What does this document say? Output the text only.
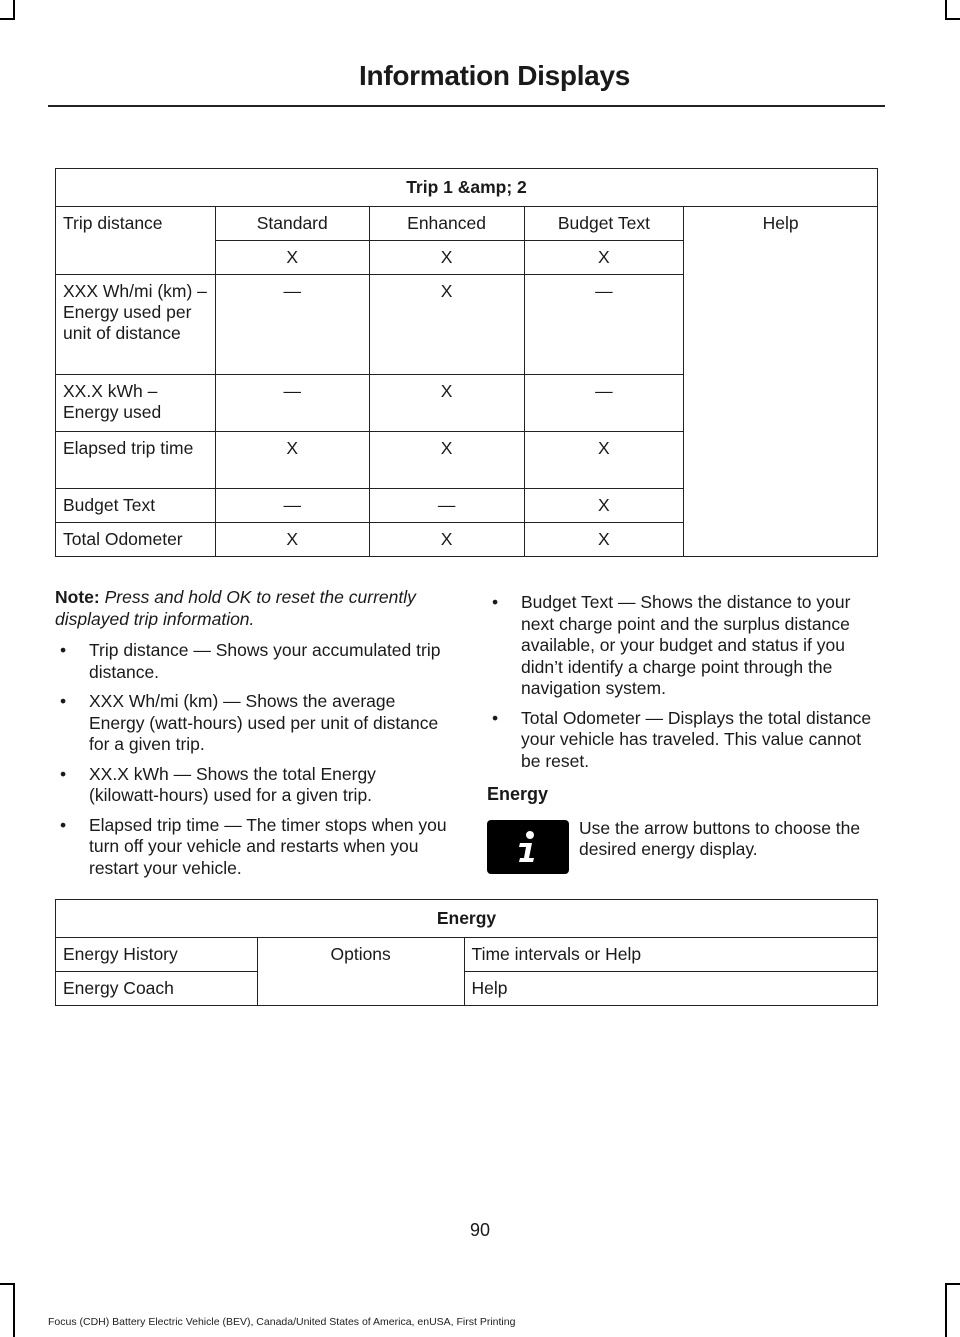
Information Displays
Trip 1 &amp; 2				
Trip distance	Standard	Enhanced	Budget Text	Help
	X	X	X	
XXX Wh/mi (km) – Energy used per unit of distance	—	X	—	
XX.X kWh –Energy used	—	X	—	
Elapsed trip time	X	X	X	
Budget Text	—	—	X	
Total Odometer	X	X	X	

Note: Press and hold OK to reset the currently displayed trip information.

• Trip distance — Shows your accumulated trip distance.
• XXX Wh/mi (km) — Shows the average Energy (watt-hours) used per unit of distance for a given trip.
• XX.X kWh — Shows the total Energy (kilowatt-hours) used for a given trip.
• Elapsed trip time — The timer stops when you turn off your vehicle and restarts when you restart your vehicle.
• Budget Text — Shows the distance to your next charge point and the surplus distance available, or your budget and status if you didn’t identify a charge point through the navigation system.
• Total Odometer — Displays the total distance your vehicle has traveled. This value cannot be reset.
Energy
Use the arrow buttons to choose the desired energy display.
Energy		
Energy History	Options	Time intervals or Help
Energy Coach		Help
90
Focus (CDH) Battery Electric Vehicle (BEV), Canada/United States of America, enUSA, First Printing
